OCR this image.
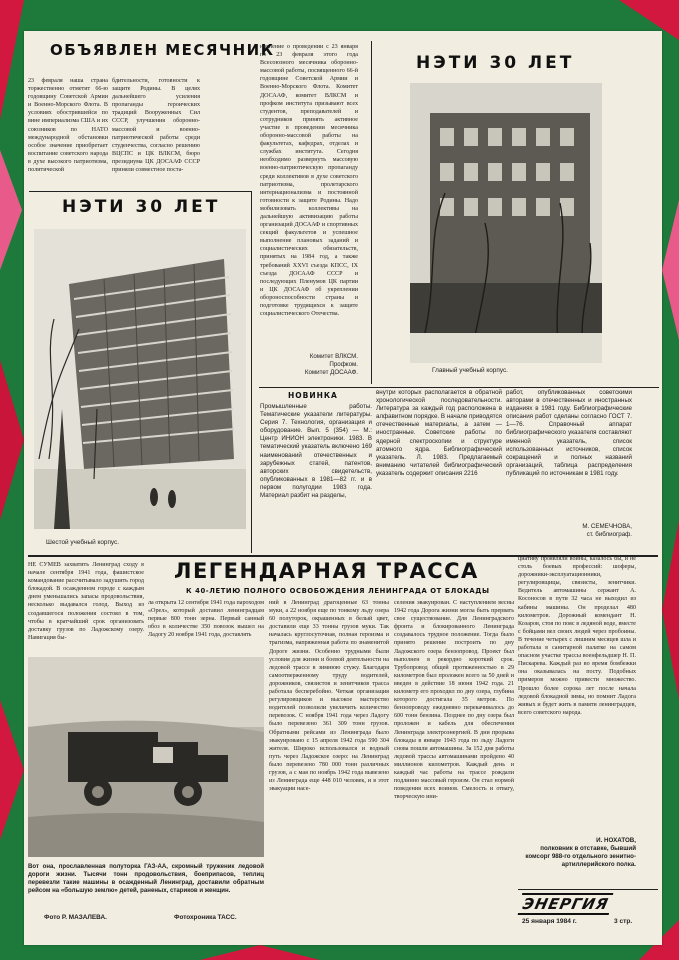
ОБЪЯВЛЕН МЕСЯЧНИК
23 февраля наша страна торжественно отметит 66-ю годовщину Советской Армии и Военно-Морского Флота. В условиях обострившейся по вине империализма США и их союзников по НАТО международной обстановки особое значение приобретает воспитание советского народа в духе высокого патриотизма, политической
бдительности, готовности к защите Родины. В целях дальнейшего усиления пропаганды героических традиций Вооруженных Сил СССР, улучшения оборонно-массовой и военно-патриотической работы среди студенчества, согласно решению ВЦСПС и ЦК ВЛКСМ, бюро президиума ЦК ДОСААФ СССР приняли совместное поста-
новление о проведении с 23 января по 23 февраля этого года Всесоюзного месячника оборонно-массовой работы, посвященного 66-й годовщине Советской Армии и Военно-Морского Флота. Комитет ДОСААФ, комитет ВЛКСМ и профком института призывают всех студентов, преподавателей и сотрудников принять активное участие в проведении месячника оборонно-массовой работы на факультетах, кафедрах, отделах и службах института. Сегодня необходимо развернуть массовую военно-патриотическую пропаганду среди коллективов в духе советского патриотизма, пролетарского интернационализма и постоянной готовности к защите Родины. Надо мобилизовать коллективы на дальнейшую активизацию работы организаций ДОСААФ и спортивных секций факультетов и успешное выполнение плановых заданий и социалистических обязательств, принятых на 1984 год, а также требований XXVI съезда КПСС, IX съезда ДОСААФ СССР и последующих Пленумов ЦК партии и ЦК ДОСААФ об укреплении обороноспособности страны и подготовке трудящихся к защите социалистического Отечества.
Комитет ВЛКСМ.
Профком.
Комитет ДОСААФ.
НЭТИ 30 ЛЕТ
Шестой учебный корпус.
НЭТИ 30 ЛЕТ
Главный учебный корпус.
НОВИНКА
Промышленные работы. Тематические указатели литературы. Серия 7. Технология, организация и оборудование. Вып. 5 (354) — М.: Центр ИНИОН электроники. 1983. В тематический указатель включено 169 наименований отечественных и зарубежных статей, патентов, авторских свидетельств, опубликованных в 1981—82 гг. и в первом полугодии 1983 года. Материал разбит на разделы,
внутри которых располагается в обратной хронологической последовательности. Литература за каждый год расположена в алфавитном порядке. В начале приводятся отечественные материалы, а затем — иностранные. Советские работы по ядерной спектроскопии и структуре атомного ядра. Библиографический указатель. Л. 1983. Предлагаемый вниманию читателей библиографический указатель содержит описания 2216
работ, опубликованных советскими авторами в отечественных и иностранных изданиях в 1981 году. Библиографические описания работ сделаны согласно ГОСТ 7. 1—76. Справочный аппарат библиографического указателя составляют именной указатель, список использованных источников, список сокращений и полных названий организаций, таблица распределения публикаций по источникам в 1981 году.
М. СЕМЕЧНОВА,
ст. библиограф.
НЕ СУМЕВ захватить Ленинград сходу в начале сентября 1941 года, фашистское командование рассчитывало задушить город блокадой. В осажденном городе с каждым днем уменьшались запасы продовольствия, несколько выдавался голод. Выход из создавшегося положения состоял в том, чтобы в кратчайший срок организовать доставку грузов по Ладожскому озеру. Навигация бы-
ЛЕГЕНДАРНАЯ ТРАССА
К 40-ЛЕТИЮ ПОЛНОГО ОСВОБОЖДЕНИЯ ЛЕНИНГРАДА ОТ БЛОКАДЫ
ла открыта 12 сентября 1941 года пароходом «Орел», который доставил ленинградцам первые 800 тонн зерна. Первый санный обоз в количестве 350 повозок вышел на Ладогу 20 ноября 1941 года, доставлять
Вот она, прославленная полуторка ГАЗ-АА, скромный труженик ледовой дороги жизни. Тысячи тонн продовольствия, боеприпасов, теплиц перевезли такие машины в осажденный Ленинград, доставили обратным рейсом на «большую землю» детей, раненых, стариков и женщин.
Фото Р. МАЗАЛЕВА.	Фотохроника ТАСС.
ний в Ленинград драгоценные 63 тонны муки, а 22 ноября еще по тонкому льду озера 60 полуторок, окрашенных в белый цвет, доставили еще 33 тонны грузов муки. Так началась круглосуточная, полная героизма и трагизма, напряженная работа по знаменитой Дороге жизни. Особенно трудными были условия для жизни и боевой деятельности на ледовой трассе в зимнюю стужу. Благодаря самоотверженному труду водителей, дорожников, связистов и зенитчиков трасса работала бесперебойно. Четкая организация регулировщиков и высокое мастерство водителей позволили увеличить количество перевозок. С ноября 1941 года через Ладогу было перевезено 361 309 тонн грузов. Обратными рейсами из Ленинграда было эвакуировано с 15 апреля 1942 года 590 304 жителя. Широко использовался и водный путь через Ладожское озеро: на Ленинград было перевезено 780 000 тонн различных грузов, а с мая по ноябрь 1942 года вывезено из Ленинграда еще 448 010 человек, и в этот эвакуации насе-
селения эвакуирован. С наступлением весны 1942 года Дорога жизни могла быть прервать свое существование. Для Ленинградского фронта и блокированного Ленинграда создавалось трудное положение. Тогда было принято решение построить по дну Ладожского озера бензопровод. Проект был выполнен в рекордно короткий срок. Трубопровод общей протяженностью в 29 километров был проложен всего за 50 дней и введен в действие 18 июня 1942 года. 21 километр его проходил по дну озера, глубина которого достигала 35 метров. По бензопроводу ежедневно перекачивалось до 600 тонн бензина. Позднее по дну озера был проложен и кабель для обеспечения Ленинграда электроэнергией. В дни прорыва блокады в январе 1943 года по льду Ладоги снова пошли автомашины. За 152 дня работы ледовой трассы автомашинами пройдено 40 миллионов километров. Каждый день и каждый час работы на трассе рождали подлинно массовый героизм. Он стал нормой поведения всех воинов. Смелость и отвагу, творческую ини-
циативу проявляли воины, казалось бы, и не столь боевых профессий: шоферы, дорожники-эксплуатационники, регулировщицы, связисты, зенитчики. Ведитель автомашины сержант А. Косоносов в пути 32 часа не выходил из кабины машины. Он проделал 480 километров. Дорожный комендант Н. Козаров, стоя по пояс в ледяной воде, вместе с бойцами вел своих людей через пробоины. В течение четырех с лишним месяцев шла и работала в санитарной палатке на самом опасном участке трассы военфельдшер Н. П. Пискарева. Каждый раз во время бомбежки она оказывалась на посту. Подобных примеров можно привести множество. Прошло более сорока лет после начала ледовой блокадной зимы, но помнит Ладога живых и будет жить в памяти ленинградцев, всего советского народа.
И. НОХАТОВ,
полковник в отставке, бывший комсорг 988-го отдельного зенитно-артиллерийского полка.
ЭНЕРГИЯ
25 января 1984 г.	3 стр.
